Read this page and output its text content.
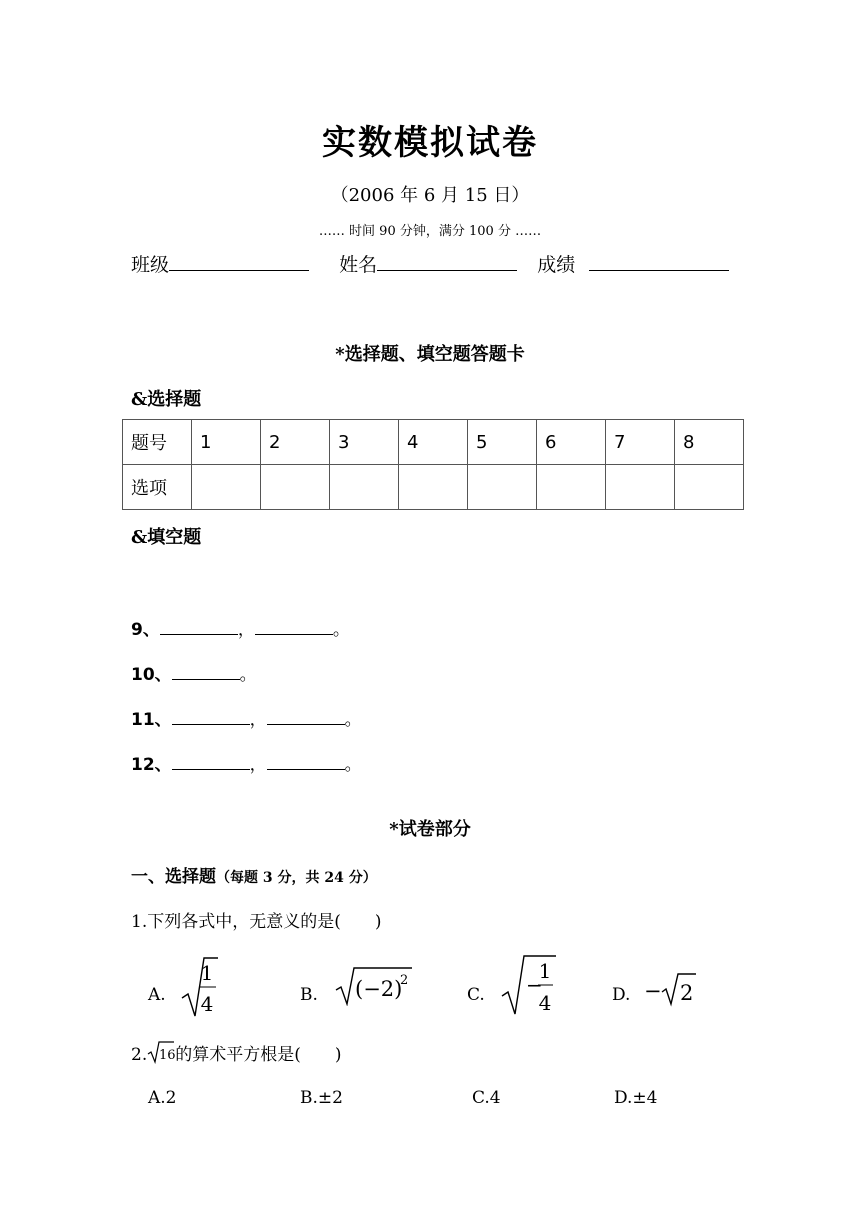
实数模拟试卷
（2006 年 6 月 15 日）
…… 时间 90 分钟，满分 100 分 ……
班级	姓名	成绩
*选择题、填空题答题卡
&选择题
题号	1	2	3	4	5	6	7	8
选项								
&填空题
9、	，	。
10、	。
11、	，	。
12、	，	。
*试卷部分
一、选择题（每题 3 分，共 24 分）
1.下列各式中，无意义的是(　　)
A.
1
4	B. (−2)
2
C. −
1
4	D. − 2
2. 16 的算术平方根是(　　)
A.2	B.±2	C.4	D.±4
